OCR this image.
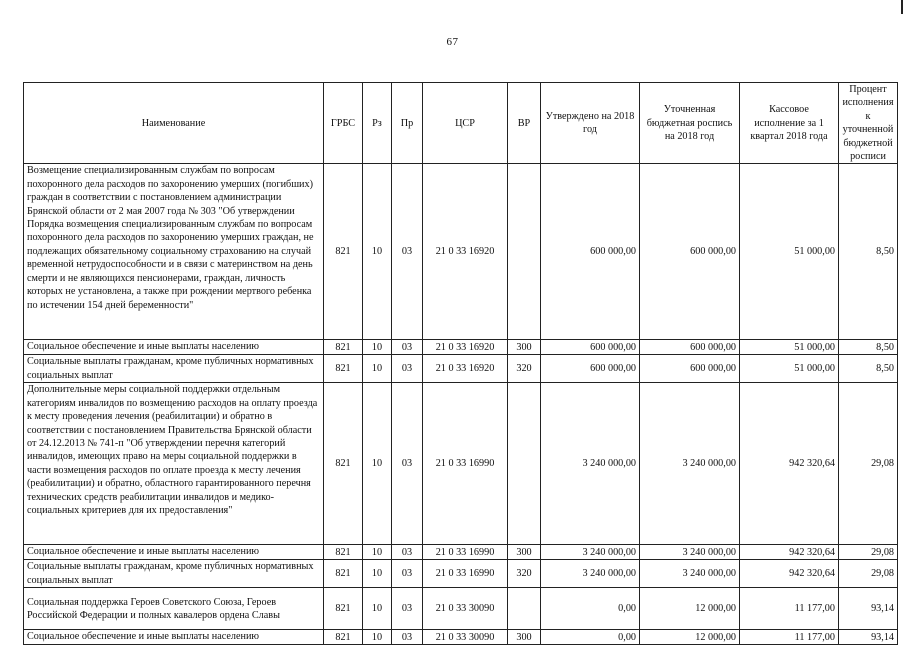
67
Наименование	ГРБС	Рз	Пр	ЦСР	ВР	Утверждено на 2018 год	Уточненная бюджетная роспись на 2018 год	Кассовое исполнение за 1 квартал 2018 года	Процент исполнения к уточненной бюджетной росписи
Возмещение специализированным службам по вопросам похоронного дела расходов по захоронению умерших (погибших) граждан в соответствии с постановлением администрации Брянской области от 2 мая 2007 года № 303 "Об утверждении Порядка возмещения специализированным службам по вопросам похоронного дела расходов по захоронению умерших граждан, не подлежащих обязательному социальному страхованию на случай временной нетрудоспособности и в связи с материнством на день смерти и не являющихся пенсионерами, граждан, личность которых не установлена, а также при рождении мертвого ребенка по истечении 154 дней беременности"	821	10	03	21 0 33 16920		600 000,00	600 000,00	51 000,00	8,50
Социальное обеспечение и иные выплаты населению	821	10	03	21 0 33 16920	300	600 000,00	600 000,00	51 000,00	8,50
Социальные выплаты гражданам, кроме публичных нормативных социальных выплат	821	10	03	21 0 33 16920	320	600 000,00	600 000,00	51 000,00	8,50
Дополнительные меры социальной поддержки отдельным категориям инвалидов по возмещению расходов на оплату проезда к месту проведения лечения (реабилитации) и обратно в соответствии с постановлением Правительства Брянской области от 24.12.2013 № 741-п "Об утверждении перечня категорий инвалидов, имеющих право на меры социальной поддержки в части возмещения расходов по оплате проезда к месту лечения (реабилитации) и обратно, областного гарантированного перечня технических средств реабилитации инвалидов и медико-социальных критериев для их предоставления"	821	10	03	21 0 33 16990		3 240 000,00	3 240 000,00	942 320,64	29,08
Социальное обеспечение и иные выплаты населению	821	10	03	21 0 33 16990	300	3 240 000,00	3 240 000,00	942 320,64	29,08
Социальные выплаты гражданам, кроме публичных нормативных социальных выплат	821	10	03	21 0 33 16990	320	3 240 000,00	3 240 000,00	942 320,64	29,08
Социальная поддержка Героев Советского Союза, Героев Российской Федерации и полных кавалеров ордена Славы	821	10	03	21 0 33 30090		0,00	12 000,00	11 177,00	93,14
Социальное обеспечение и иные выплаты населению	821	10	03	21 0 33 30090	300	0,00	12 000,00	11 177,00	93,14
